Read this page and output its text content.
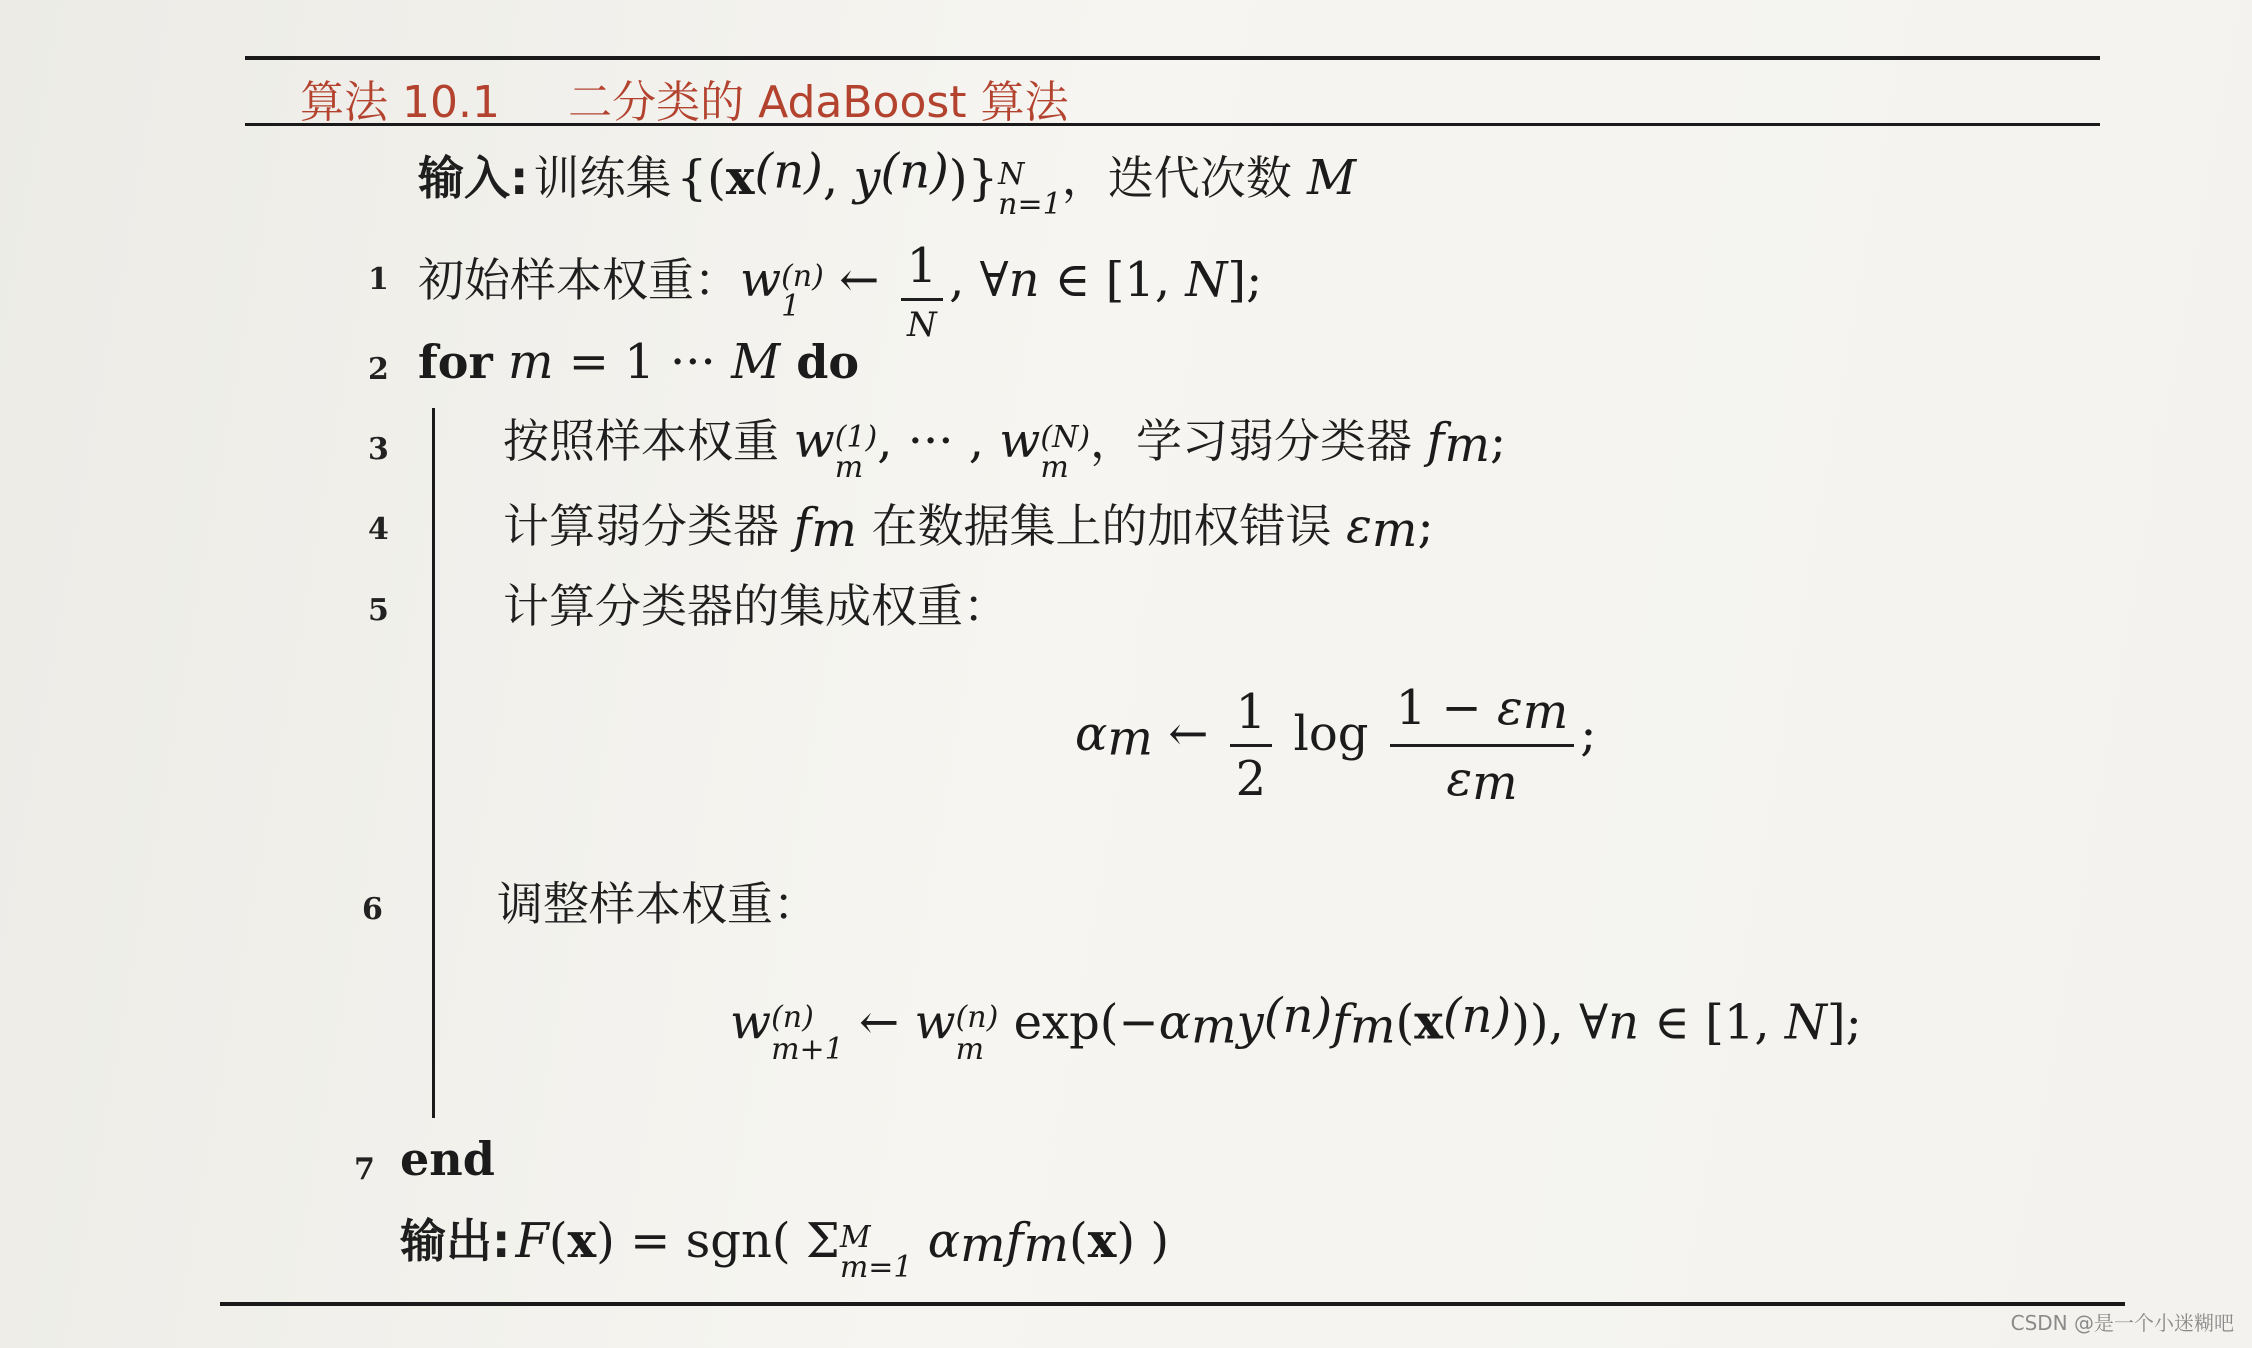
算法 10.1 二分类的 AdaBoost 算法
输入: 训练集 {($x^{(n)}$, $y^{(n)}$)} N
n=1 ，迭代次数 M
1 初始样本权重：w (n)
1 ← $\frac{1}{N}$ , ∀n ∈ [1, N];
2 for m = 1 ··· M do
3 按照样本权重 w (1)
m , ··· , w (N)
m ，学习弱分类器 $f_m$;
4 计算弱分类器 $f_m$ 在数据集上的加权错误 $\varepsilon_m$;
5 计算分类器的集成权重：
$\alpha_m$ ← $\frac{1}{2}$ $\log \frac{1 - \varepsilon_m}{\varepsilon_m}$ ;
6 调整样本权重：
w (n)
m+1 ← w (n)
m $\exp(-\alpha_my^{(n)}f_m(x^{(n)}))$, ∀n ∈ [1, N];
7 end
输出: F(x) = sgn( Σ M
m=1 $\alpha_mf_m(x)$ )
CSDN @是一个小迷糊吧
